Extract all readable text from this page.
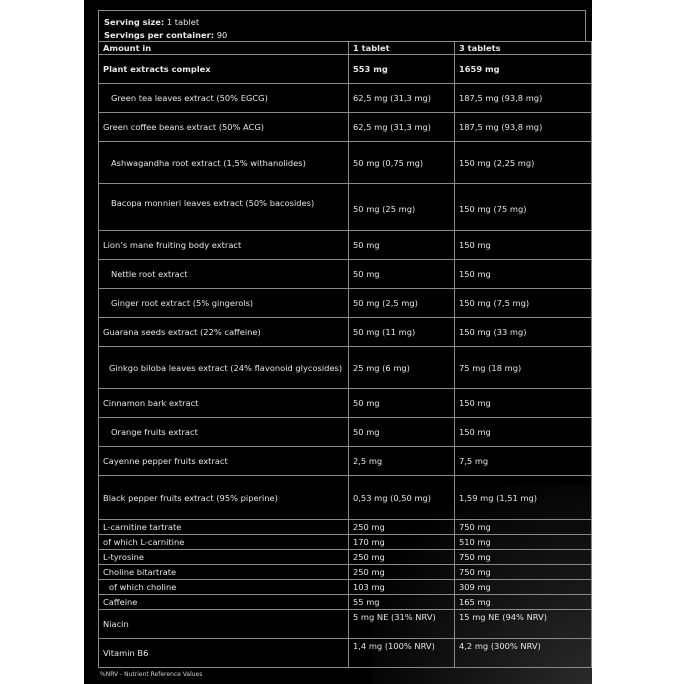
Serving size: 1 tablet
Servings per container: 90
Amount in	1 tablet	3 tablets
Plant extracts complex	553 mg	1659 mg
Green tea leaves extract (50% EGCG)	62,5 mg (31,3 mg)	187,5 mg (93,8 mg)
Green coffee beans extract (50% ACG)	62,5 mg (31,3 mg)	187,5 mg (93,8 mg)
Ashwagandha root extract (1,5% withanolides)	50 mg (0,75 mg)	150 mg (2,25 mg)
Bacopa monnieri leaves extract (50% bacosides)	50 mg (25 mg)	150 mg (75 mg)
Lion’s mane fruiting body extract	50 mg	150 mg
Nettle root extract	50 mg	150 mg
Ginger root extract (5% gingerols)	50 mg (2,5 mg)	150 mg (7,5 mg)
Guarana seeds extract (22% caffeine)	50 mg (11 mg)	150 mg (33 mg)
Ginkgo biloba leaves extract (24% flavonoid glycosides)	25 mg (6 mg)	75 mg (18 mg)
Cinnamon bark extract	50 mg	150 mg
Orange fruits extract	50 mg	150 mg
Cayenne pepper fruits extract	2,5 mg	7,5 mg
Black pepper fruits extract (95% piperine)	0,53 mg (0,50 mg)	1,59 mg (1,51 mg)
L-carnitine tartrate	250 mg	750 mg
of which L-carnitine	170 mg	510 mg
L-tyrosine	250 mg	750 mg
Choline bitartrate	250 mg	750 mg
of which choline	103 mg	309 mg
Caffeine	55 mg	165 mg
Niacin	5 mg NE (31% NRV)	15 mg NE (94% NRV)
Vitamin B6	1,4 mg (100% NRV)	4,2 mg (300% NRV)
%NRV - Nutrient Reference Values
